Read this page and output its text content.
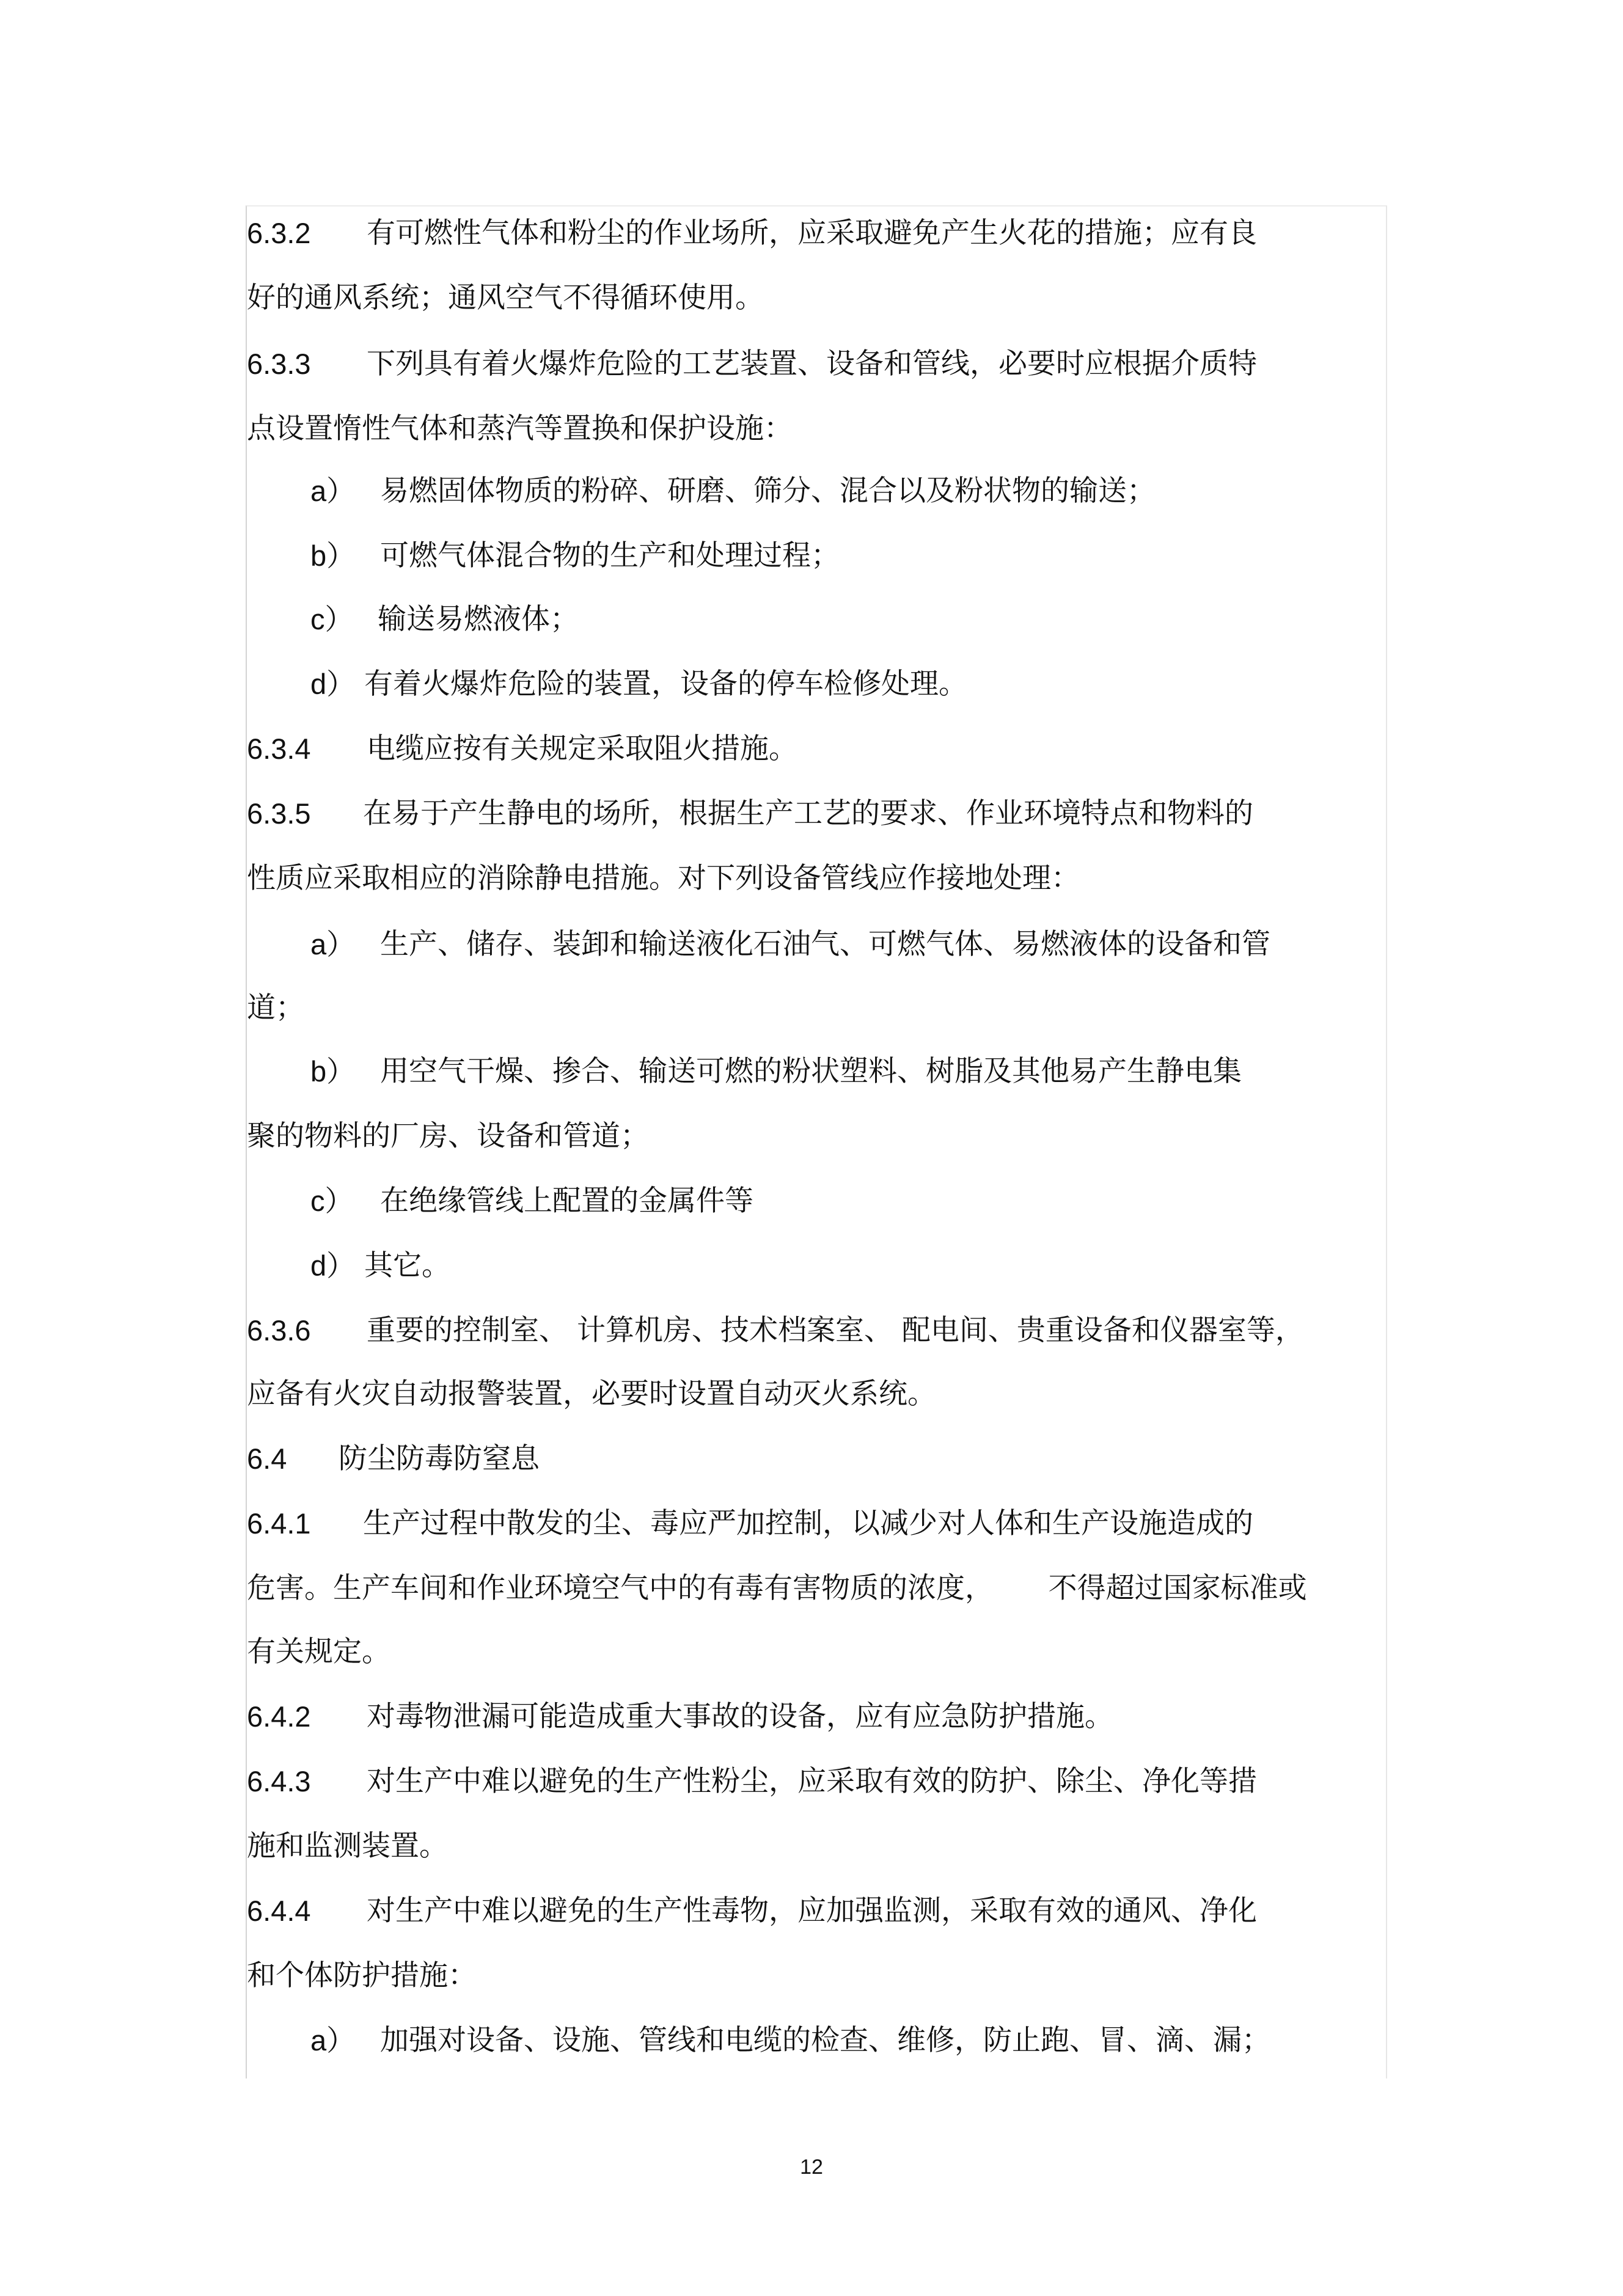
6.3.2 有可燃性气体和粉尘的作业场所，应采取避免产生火花的措施；应有良
好的通风系统；通风空气不得循环使用。
6.3.3 下列具有着火爆炸危险的工艺装置、设备和管线，必要时应根据介质特
点设置惰性气体和蒸汽等置换和保护设施：
a） 易燃固体物质的粉碎、研磨、筛分、混合以及粉状物的输送；
b） 可燃气体混合物的生产和处理过程；
c） 输送易燃液体；
d） 有着火爆炸危险的装置，设备的停车检修处理。
6.3.4 电缆应按有关规定采取阻火措施。
6.3.5 在易于产生静电的场所，根据生产工艺的要求、作业环境特点和物料的
性质应采取相应的消除静电措施。对下列设备管线应作接地处理：
a） 生产、储存、装卸和输送液化石油气、可燃气体、易燃液体的设备和管
道；
b） 用空气干燥、掺合、输送可燃的粉状塑料、树脂及其他易产生静电集
聚的物料的厂房、设备和管道；
c） 在绝缘管线上配置的金属件等
d） 其它。
6.3.6 重要的控制室、 计算机房、技术档案室、 配电间、贵重设备和仪器室等，
应备有火灾自动报警装置，必要时设置自动灭火系统。
6.4 防尘防毒防窒息
6.4.1 生产过程中散发的尘、毒应严加控制，以减少对人体和生产设施造成的
危害。生产车间和作业环境空气中的有毒有害物质的浓度，      不得超过国家标准或
有关规定。
6.4.2 对毒物泄漏可能造成重大事故的设备，应有应急防护措施。
6.4.3 对生产中难以避免的生产性粉尘，应采取有效的防护、除尘、净化等措
施和监测装置。
6.4.4 对生产中难以避免的生产性毒物，应加强监测，采取有效的通风、净化
和个体防护措施：
a） 加强对设备、设施、管线和电缆的检查、维修，防止跑、冒、滴、漏；
12
